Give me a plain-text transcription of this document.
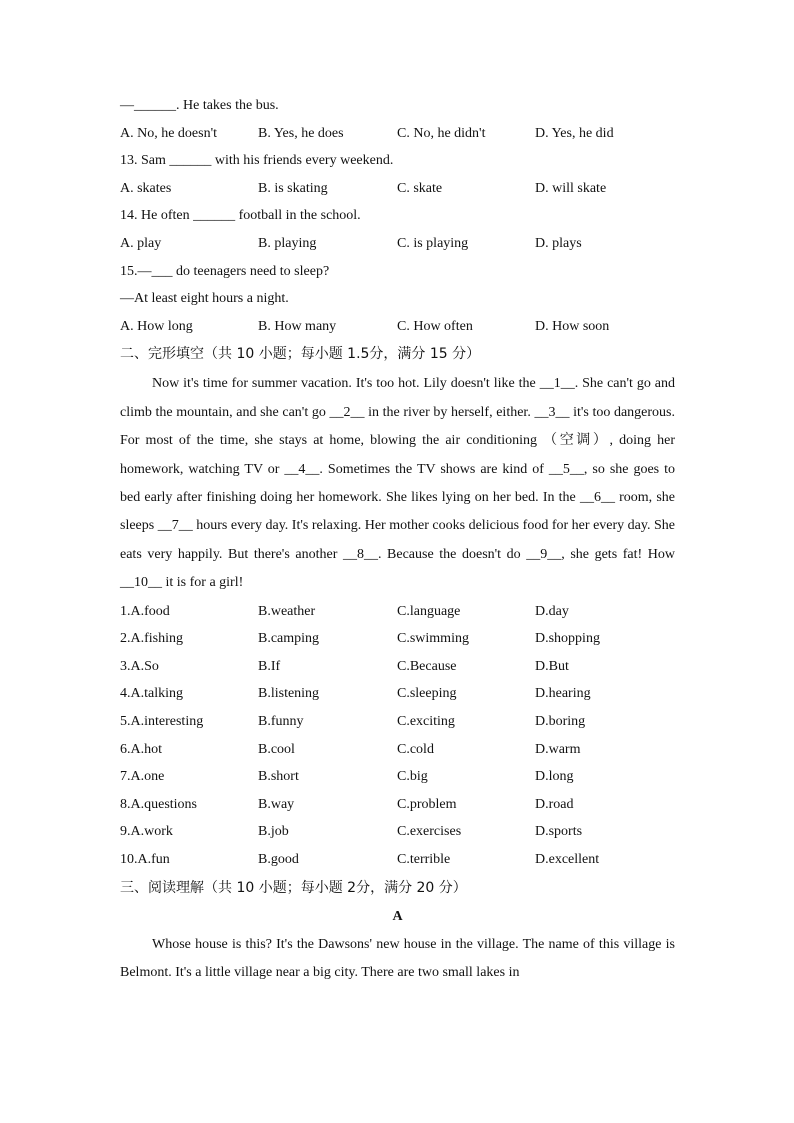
—______. He takes the bus.
A. No, he doesn't	B. Yes, he does	C. No, he didn't	D. Yes, he did
13. Sam ______ with his friends every weekend.
A. skates	B. is skating	C. skate	D. will skate
14. He often ______ football in the school.
A. play	B. playing	C. is playing	D. plays
15.—___ do teenagers need to sleep?
—At least eight hours a night.
A. How long	B. How many	C. How often	D. How soon
二、完形填空（共 10 小题；每小题 1.5分，满分 15 分）

Now it's time for summer vacation. It's too hot. Lily doesn't like the __1__. She can't go and climb the mountain, and she can't go __2__ in the river by herself, either. __3__ it's too dangerous. For most of the time, she stays at home, blowing the air conditioning （空调）, doing her homework, watching TV or __4__. Sometimes the TV shows are kind of __5__, so she goes to bed early after finishing doing her homework. She likes lying on her bed. In the __6__ room, she sleeps __7__ hours every day. It's relaxing. Her mother cooks delicious food for her every day. She eats very happily. But there's another __8__. Because the doesn't do __9__, she gets fat! How __10__ it is for a girl!

1.A.food	B.weather	C.language	D.day
2.A.fishing	B.camping	C.swimming	D.shopping
3.A.So	B.If	C.Because	D.But
4.A.talking	B.listening	C.sleeping	D.hearing
5.A.interesting	B.funny	C.exciting	D.boring
6.A.hot	B.cool	C.cold	D.warm
7.A.one	B.short	C.big	D.long
8.A.questions	B.way	C.problem	D.road
9.A.work	B.job	C.exercises	D.sports
10.A.fun	B.good	C.terrible	D.excellent
三、阅读理解（共 10 小题；每小题 2分，满分 20 分）
A

Whose house is this? It's the Dawsons' new house in the village. The name of this village is Belmont. It's a little village near a big city. There are two small lakes in
